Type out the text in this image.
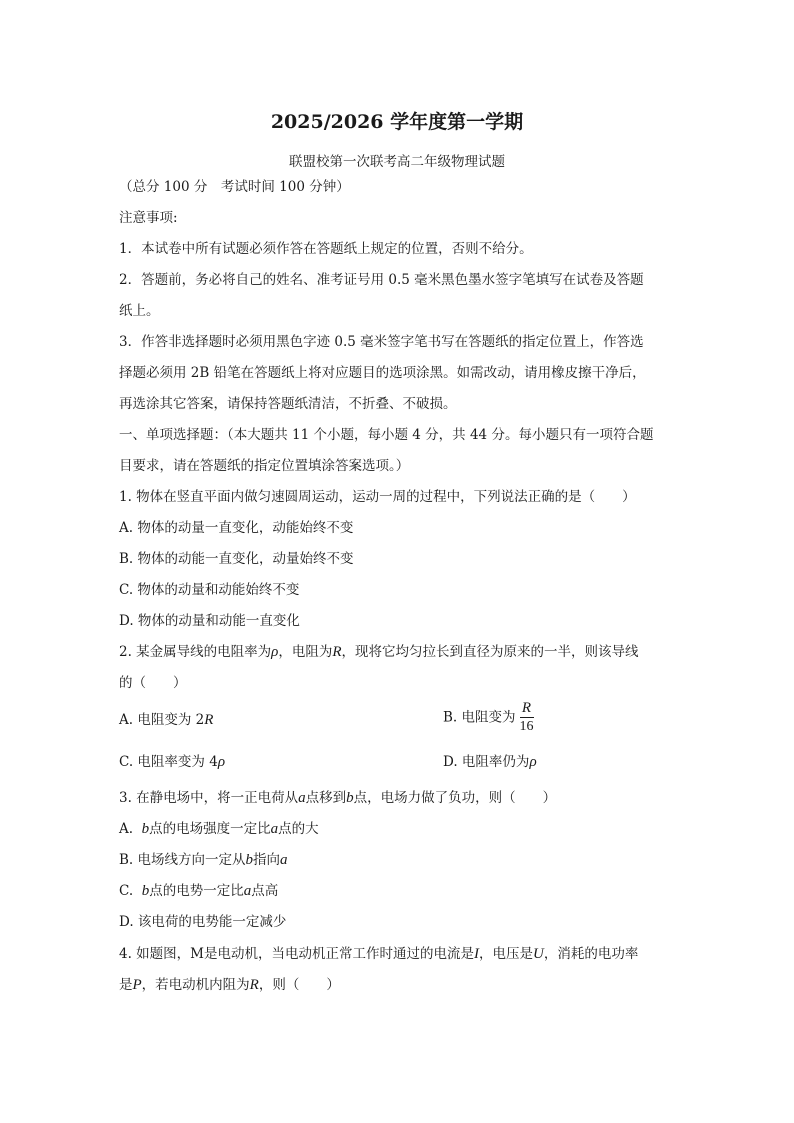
2025/2026 学年度第一学期
联盟校第一次联考高二年级物理试题
（总分 100 分　考试时间 100 分钟）
注意事项:
1．本试卷中所有试题必须作答在答题纸上规定的位置，否则不给分。
2．答题前，务必将自己的姓名、准考证号用 0.5 毫米黑色墨水签字笔填写在试卷及答题
纸上。
3．作答非选择题时必须用黑色字迹 0.5 毫米签字笔书写在答题纸的指定位置上，作答选
择题必须用 2B 铅笔在答题纸上将对应题目的选项涂黑。如需改动，请用橡皮擦干净后，
再选涂其它答案，请保持答题纸清洁，不折叠、不破损。
一、单项选择题：（本大题共 11 个小题，每小题 4 分，共 44 分。每小题只有一项符合题
目要求，请在答题纸的指定位置填涂答案选项。）
1. 物体在竖直平面内做匀速圆周运动，运动一周的过程中，下列说法正确的是（　　）
A. 物体的动量一直变化，动能始终不变
B. 物体的动能一直变化，动量始终不变
C. 物体的动量和动能始终不变
D. 物体的动量和动能一直变化
2. 某金属导线的电阻率为ρ，电阻为R，现将它均匀拉长到直径为原来的一半，则该导线
的（　　）
A. 电阻变为 2R	B. 电阻变为 $\frac{R}{16}$
C. 电阻率变为 4ρ	D. 电阻率仍为ρ
3. 在静电场中，将一正电荷从a点移到b点，电场力做了负功，则（　　）
A. b点的电场强度一定比a点的大
B. 电场线方向一定从b指向a
C. b点的电势一定比a点高
D. 该电荷的电势能一定减少
4. 如题图，M是电动机，当电动机正常工作时通过的电流是I，电压是U，消耗的电功率
是P，若电动机内阻为R，则（　　）
